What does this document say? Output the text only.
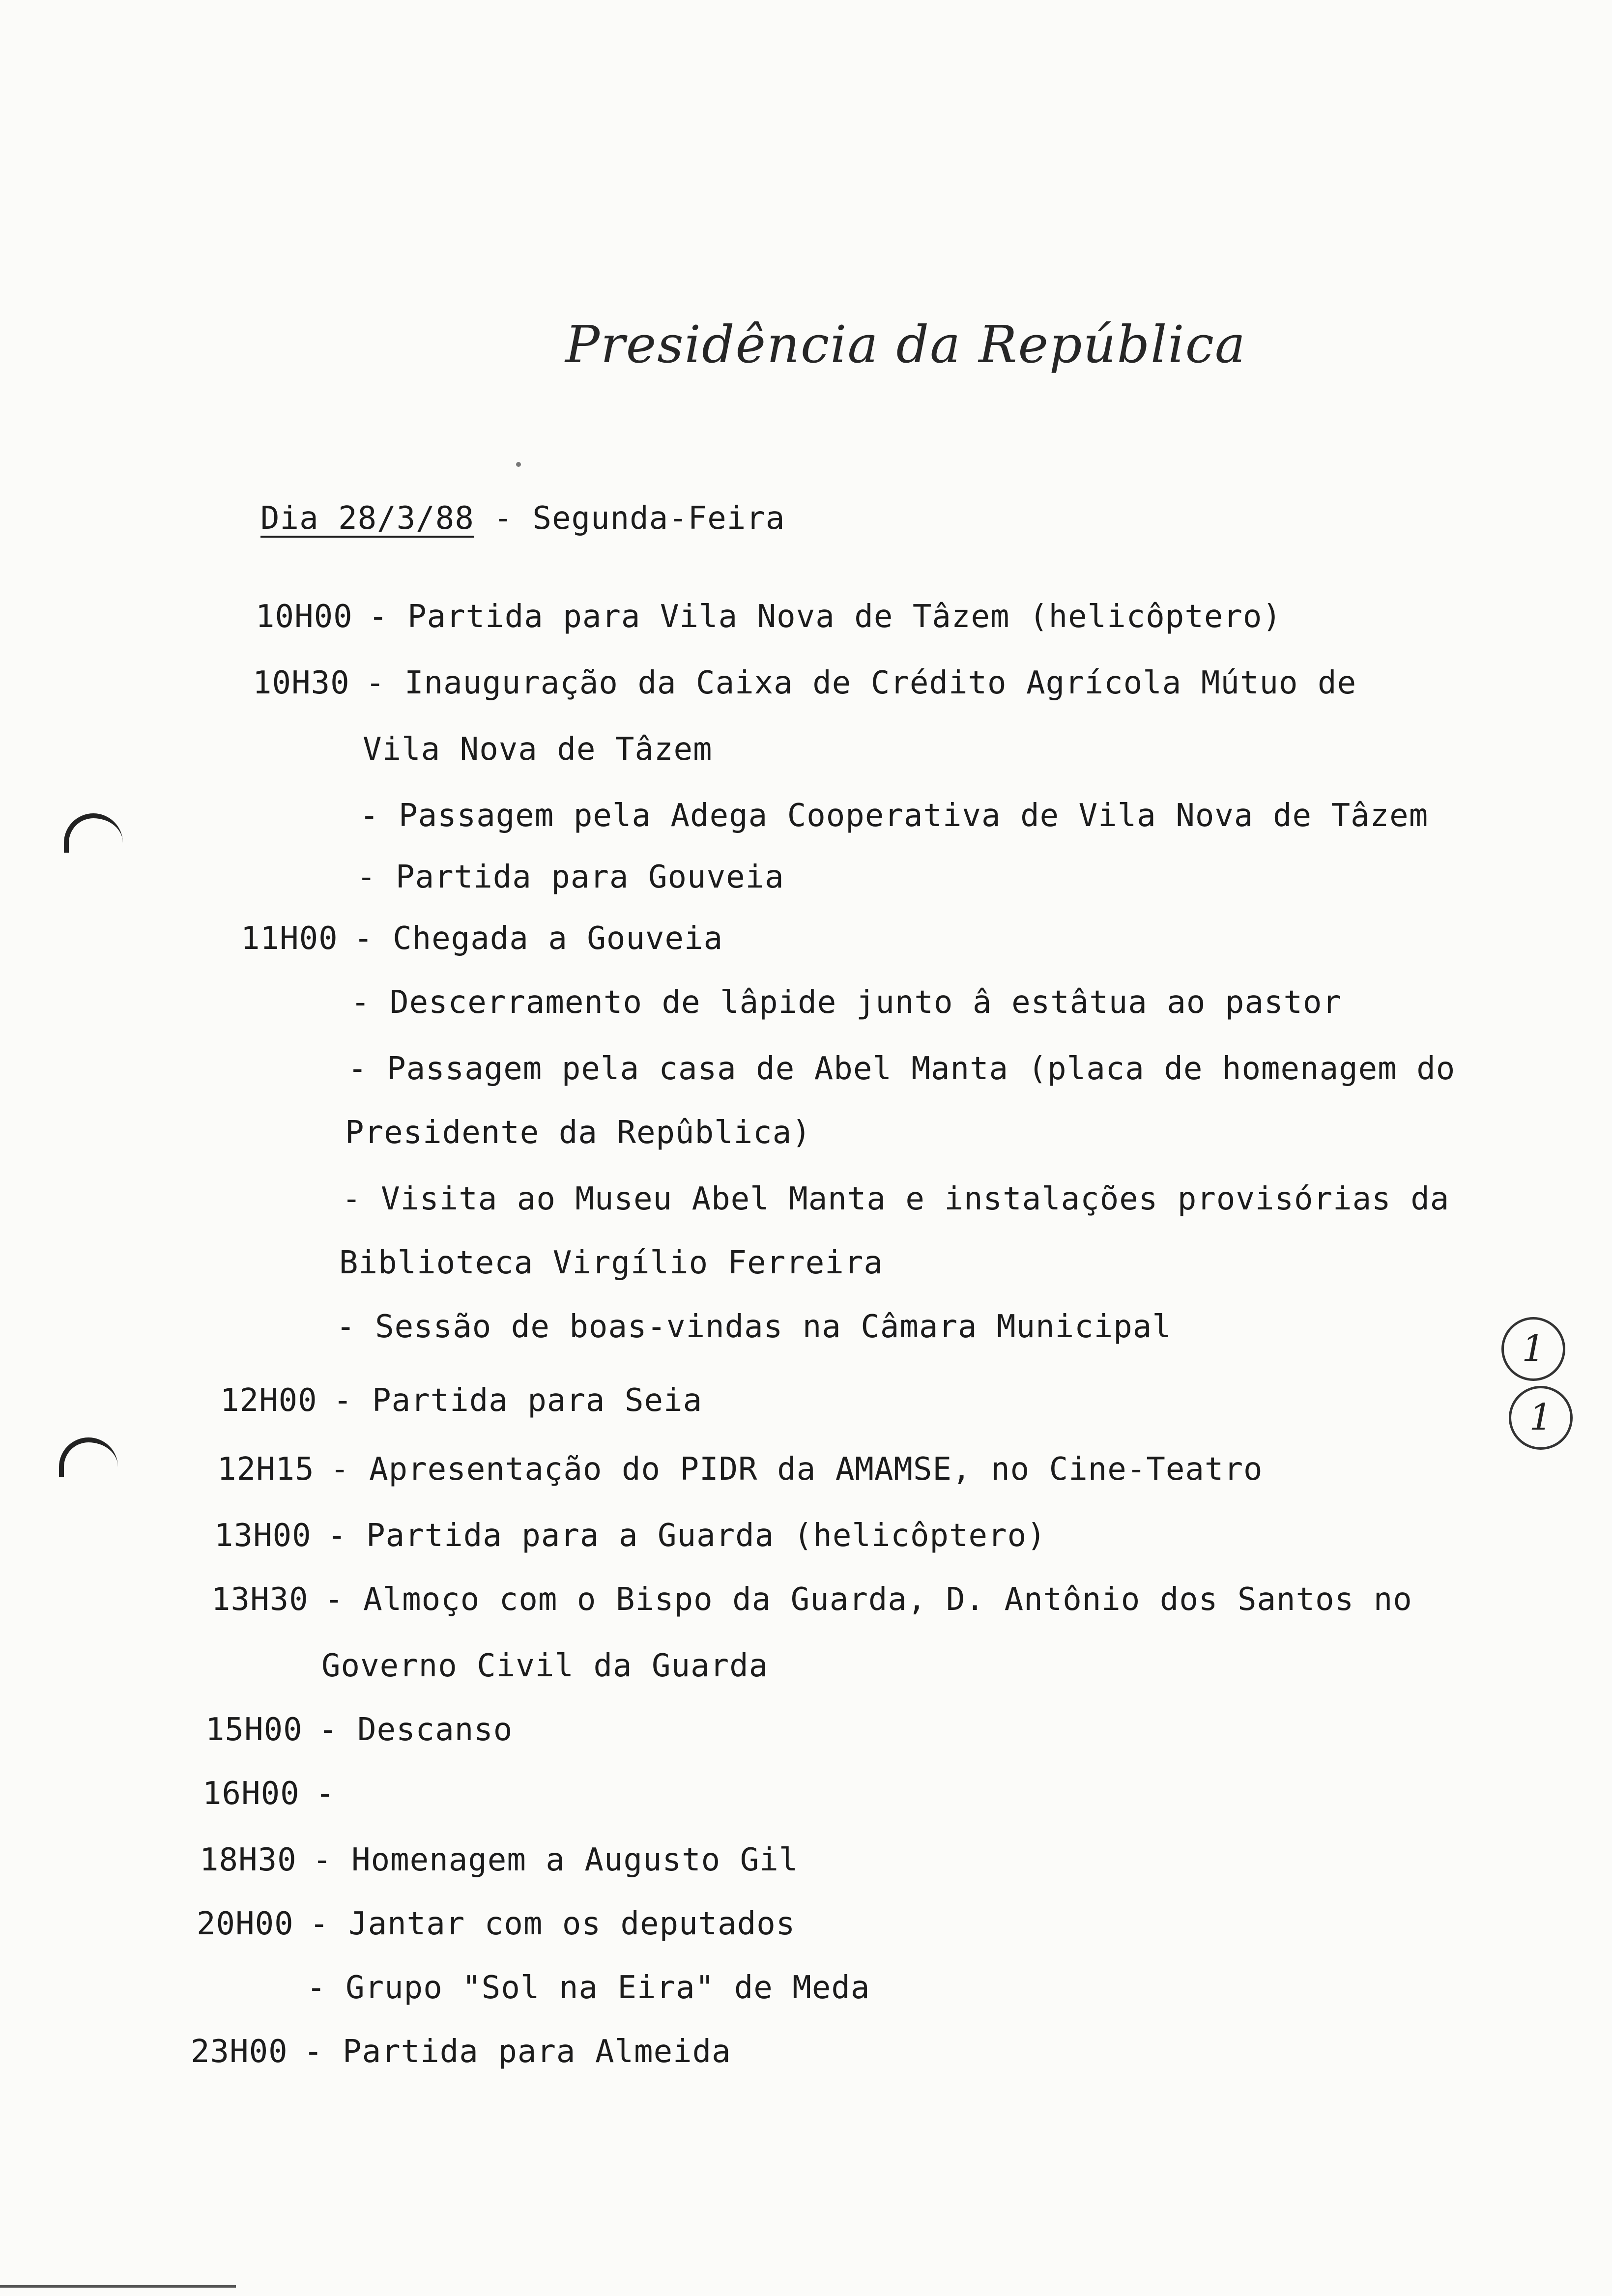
Presidência da República
Dia 28/3/88 - Segunda-Feira
10H00 - Partida para Vila Nova de Tâzem (helicôptero)
10H30 - Inauguração da Caixa de Crédito Agrícola Mútuo de
Vila Nova de Tâzem
- Passagem pela Adega Cooperativa de Vila Nova de Tâzem
- Partida para Gouveia
11H00 - Chegada a Gouveia
- Descerramento de lâpide junto â estâtua ao pastor
- Passagem pela casa de Abel Manta (placa de homenagem do
Presidente da Repûblica)
- Visita ao Museu Abel Manta e instalações provisórias da
Biblioteca Virgílio Ferreira
- Sessão de boas-vindas na Câmara Municipal
12H00 - Partida para Seia
12H15 - Apresentação do PIDR da AMAMSE, no Cine-Teatro
13H00 - Partida para a Guarda (helicôptero)
13H30 - Almoço com o Bispo da Guarda, D. Antônio dos Santos no
Governo Civil da Guarda
15H00 - Descanso
16H00 -
18H30 - Homenagem a Augusto Gil
20H00 - Jantar com os deputados
- Grupo "Sol na Eira" de Meda
23H00 - Partida para Almeida
1
1
